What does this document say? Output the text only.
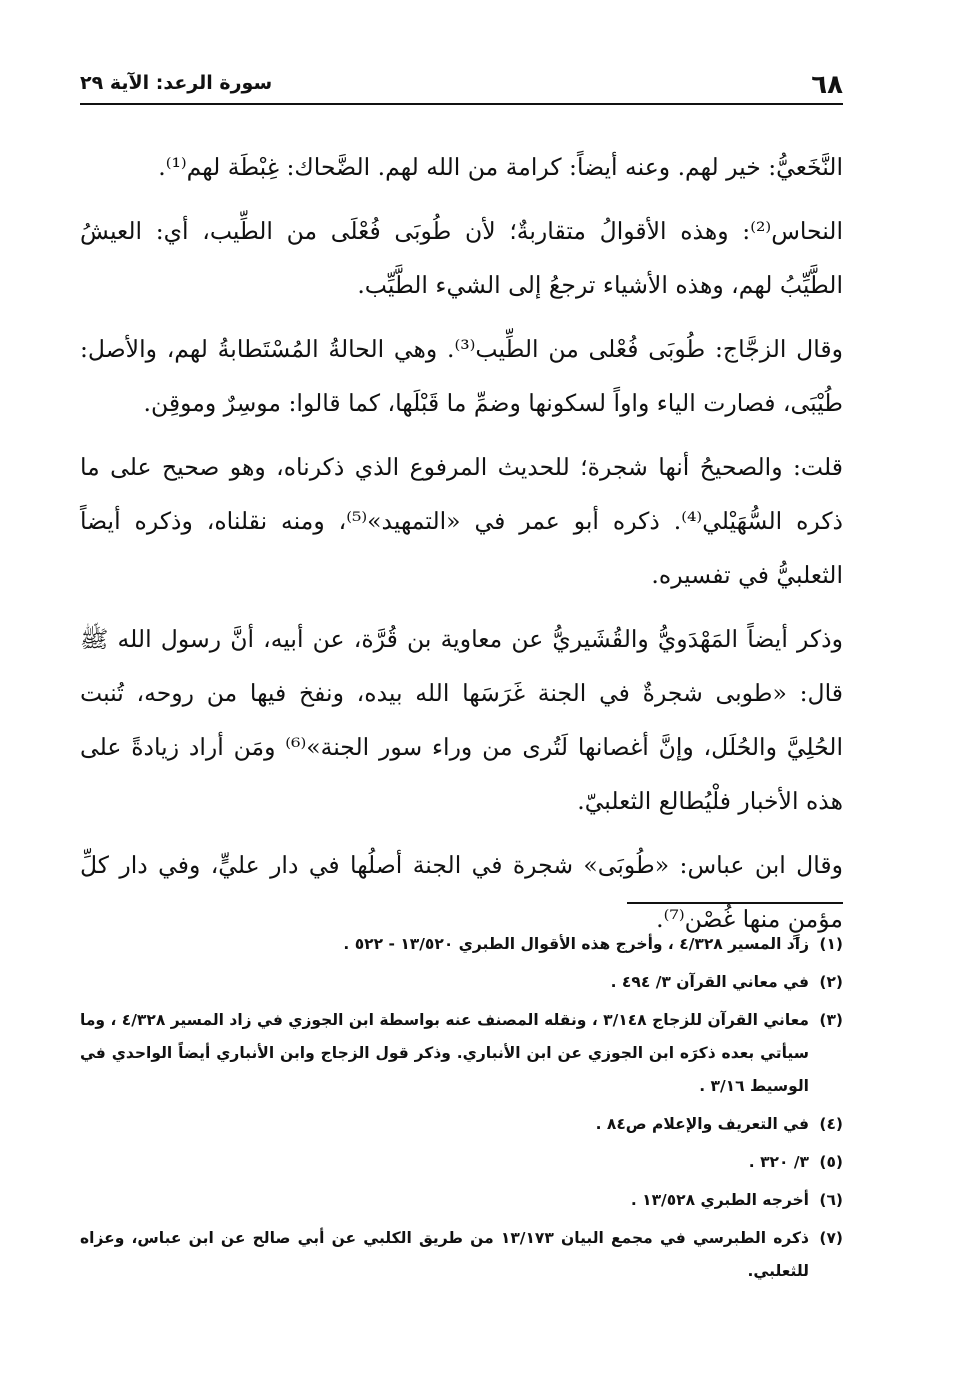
٦٨
سورة الرعد: الآية ٢٩

النَّخَعيُّ: خير لهم. وعنه أيضاً: كرامة من الله لهم. الضَّحاك: غِبْطَة لهم⁽¹⁾.

النحاس⁽²⁾: وهذه الأقوالُ متقاربةٌ؛ لأن طُوبَى فُعْلَى من الطِّيب، أي: العيشُ الطَّيِّبُ لهم، وهذه الأشياء ترجعُ إلى الشيء الطَّيِّب.

وقال الزجَّاج: طُوبَى فُعْلى من الطِّيب⁽³⁾. وهي الحالةُ المُسْتَطابةُ لهم، والأصل: طُيْبَى، فصارت الياء واواً لسكونها وضمِّ ما قَبْلَها، كما قالوا: موسِرٌ وموقِن.

قلت: والصحيحُ أنها شجرة؛ للحديث المرفوع الذي ذكرناه، وهو صحيح على ما ذكره السُّهَيْلي⁽⁴⁾. ذكره أبو عمر في «التمهيد»⁽⁵⁾، ومنه نقلناه، وذكره أيضاً الثعلبيُّ في تفسيره.

وذكر أيضاً المَهْدَويُّ والقُشَيريُّ عن معاوية بن قُرَّة، عن أبيه، أنَّ رسول الله ﷺ قال: «طوبى شجرةٌ في الجنة غَرَسَها الله بيده، ونفخ فيها من روحه، تُنبت الحُلِيَّ والحُلَل، وإنَّ أغصانها لَتُرى من وراء سور الجنة»⁽⁶⁾ ومَن أراد زيادةً على هذه الأخبار فلْيُطالع الثعلبيّ.

وقال ابن عباس: «طُوبَى» شجرة في الجنة أصلُها في دار عليٍّ، وفي دار كلِّ مؤمنٍ منها غُصْن⁽⁷⁾.

(١)
زاد المسير ٤/٣٢٨ ، وأخرج هذه الأقوال الطبري ١٣/٥٢٠ - ٥٢٢ .
(٢)
في معاني القرآن ٣/ ٤٩٤ .
(٣)
معاني القرآن للزجاج ٣/١٤٨ ، ونقله المصنف عنه بواسطة ابن الجوزي في زاد المسير ٤/٣٢٨ ، وما سيأتي بعده ذكرَه ابن الجوزي عن ابن الأنباري. وذكر قول الزجاج وابن الأنباري أيضاً الواحدي في الوسيط ٣/١٦ .
(٤)
في التعريف والإعلام ص٨٤ .
(٥)
٣/ ٣٢٠ .
(٦)
أخرجه الطبري ١٣/٥٢٨ .
(٧)
ذكره الطبرسي في مجمع البيان ١٣/١٧٣ من طريق الكلبي عن أبي صالح عن ابن عباس، وعزاه للثعلبي.
